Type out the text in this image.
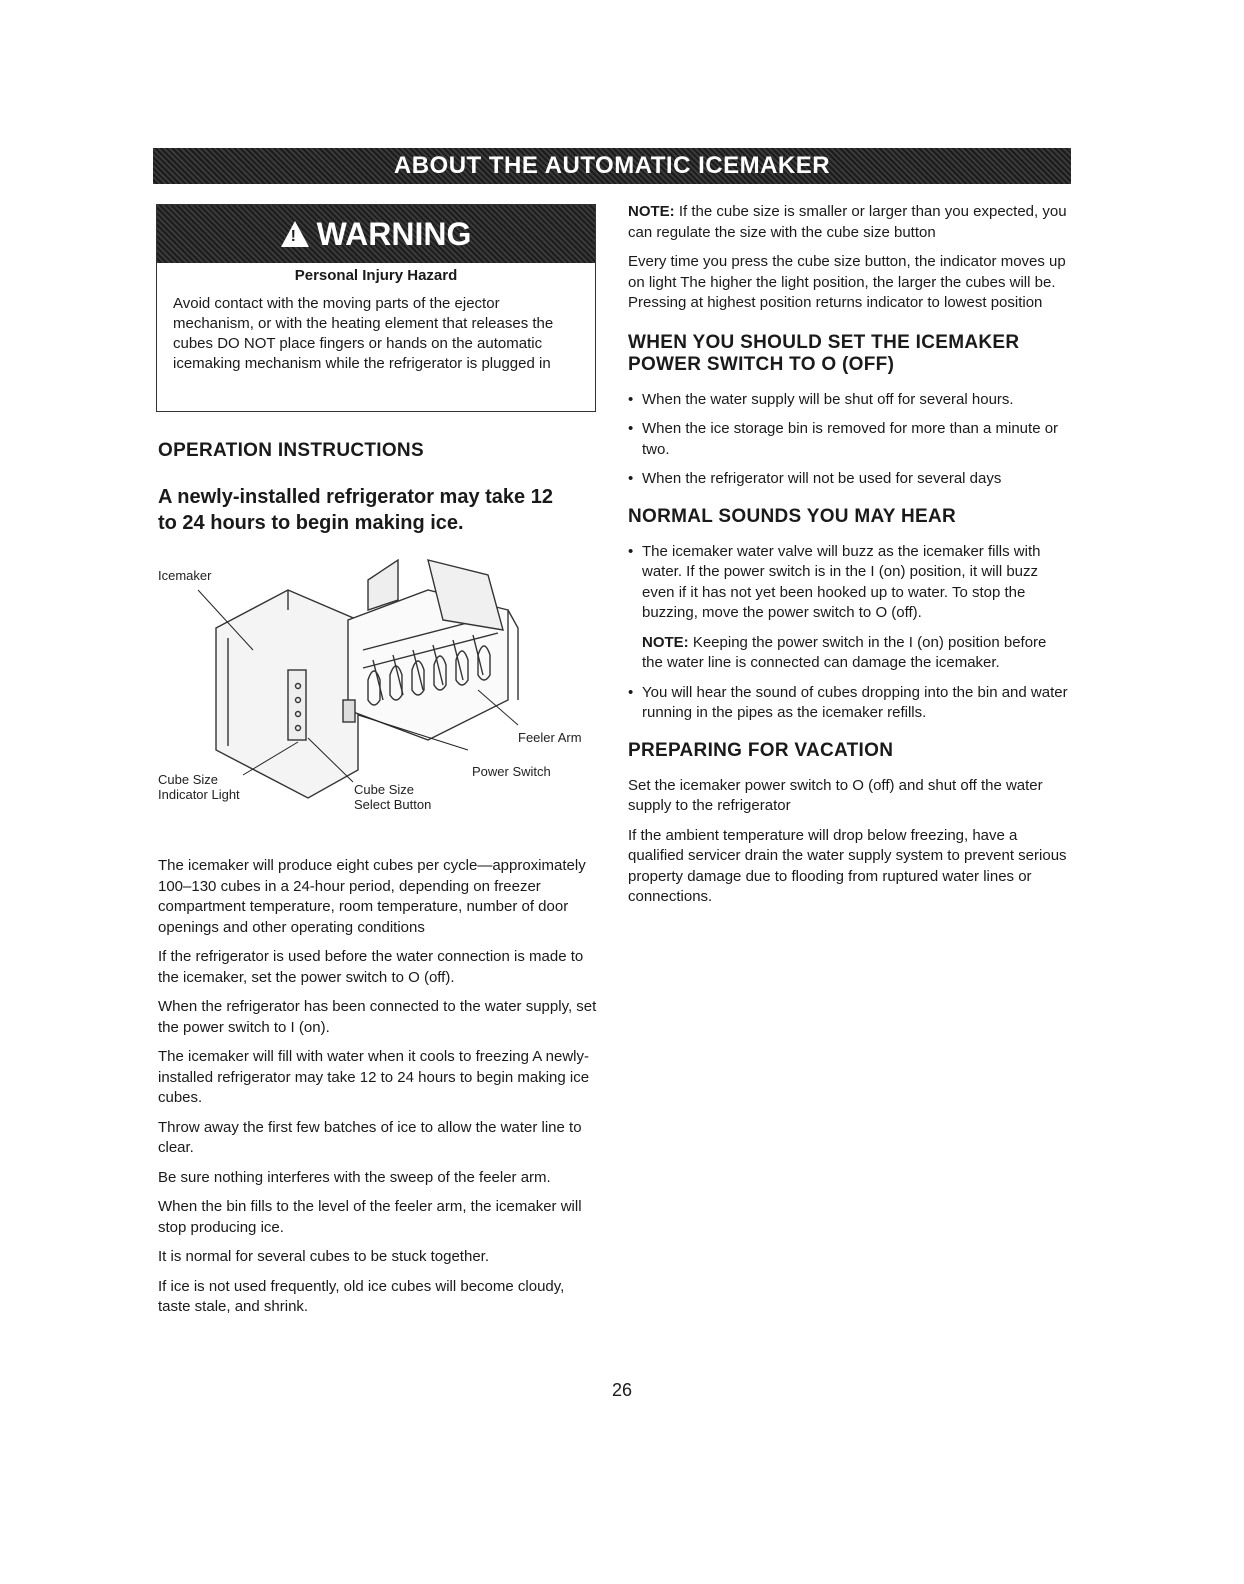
ABOUT THE AUTOMATIC ICEMAKER
! WARNING
Personal Injury Hazard
Avoid contact with the moving parts of the ejector mechanism, or with the heating element that releases the cubes DO NOT place fingers or hands on the automatic icemaking mechanism while the refrigerator is plugged in
OPERATION INSTRUCTIONS

A newly-installed refrigerator may take 12 to 24 hours to begin making ice.

Icemaker
Feeler Arm
Power Switch
Cube Size
Indicator Light	Cube Size
Select Button

The icemaker will produce eight cubes per cycle—approximately 100–130 cubes in a 24-hour period, depending on freezer compartment temperature, room temperature, number of door openings and other operating conditions

If the refrigerator is used before the water connection is made to the icemaker, set the power switch to O (off).

When the refrigerator has been connected to the water supply, set the power switch to I (on).

The icemaker will fill with water when it cools to freezing A newly-installed refrigerator may take 12 to 24 hours to begin making ice cubes.

Throw away the first few batches of ice to allow the water line to clear.

Be sure nothing interferes with the sweep of the feeler arm.

When the bin fills to the level of the feeler arm, the icemaker will stop producing ice.

It is normal for several cubes to be stuck together.

If ice is not used frequently, old ice cubes will become cloudy, taste stale, and shrink.

NOTE: If the cube size is smaller or larger than you expected, you can regulate the size with the cube size button

Every time you press the cube size button, the indicator moves up on light The higher the light position, the larger the cubes will be. Pressing at highest position returns indicator to lowest position

WHEN YOU SHOULD SET THE ICEMAKER POWER SWITCH TO O (OFF)
• When the water supply will be shut off for several hours.
• When the ice storage bin is removed for more than a minute or two.
• When the refrigerator will not be used for several days
NORMAL SOUNDS YOU MAY HEAR
• The icemaker water valve will buzz as the icemaker fills with water. If the power switch is in the I (on) position, it will buzz even if it has not yet been hooked up to water. To stop the buzzing, move the power switch to O (off).

NOTE: Keeping the power switch in the I (on) position before the water line is connected can damage the icemaker.

• You will hear the sound of cubes dropping into the bin and water running in the pipes as the icemaker refills.
PREPARING FOR VACATION

Set the icemaker power switch to O (off) and shut off the water supply to the refrigerator

If the ambient temperature will drop below freezing, have a qualified servicer drain the water supply system to prevent serious property damage due to flooding from ruptured water lines or connections.

26
